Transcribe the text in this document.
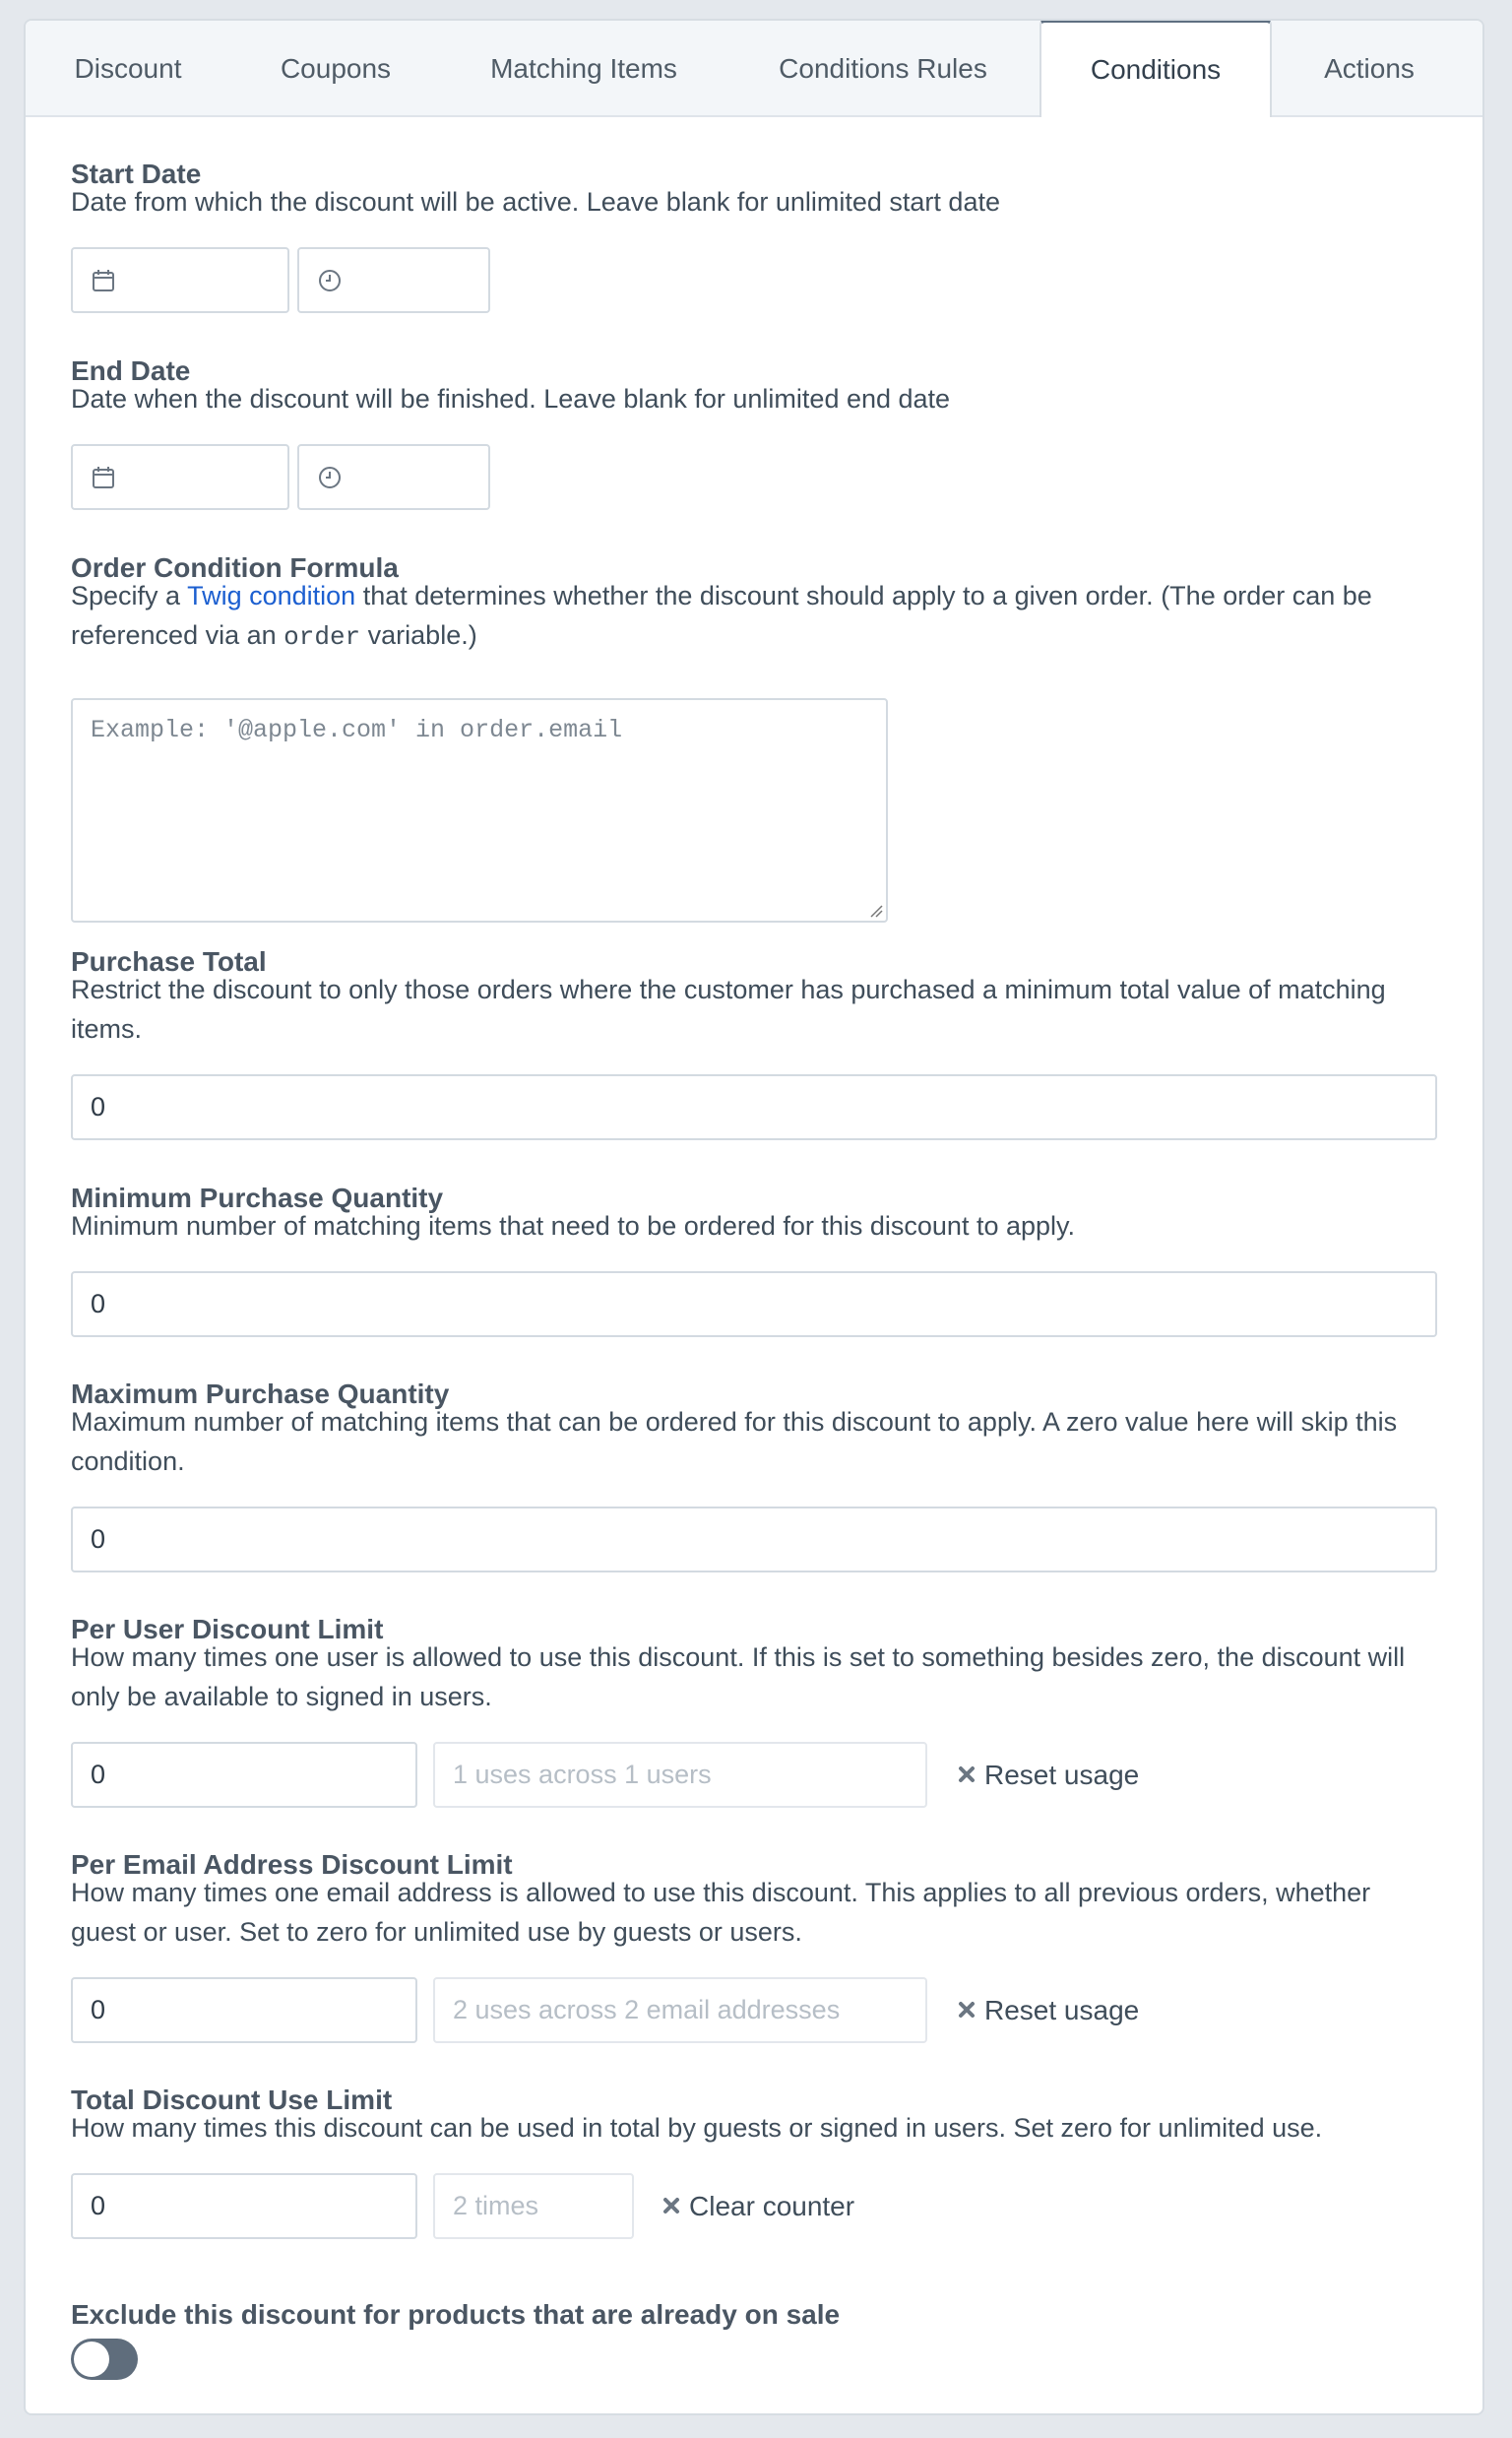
Discount	Coupons	Matching Items	Conditions Rules	Conditions	Actions
Start Date
Date from which the discount will be active. Leave blank for unlimited start date
End Date
Date when the discount will be finished. Leave blank for unlimited end date
Order Condition Formula
Specify a Twig condition that determines whether the discount should apply to a given order. (The order can be referenced via an order variable.)
Example: '@apple.com' in order.email
Purchase Total
Restrict the discount to only those orders where the customer has purchased a minimum total value of matching items.
0
Minimum Purchase Quantity
Minimum number of matching items that need to be ordered for this discount to apply.
0
Maximum Purchase Quantity
Maximum number of matching items that can be ordered for this discount to apply. A zero value here will skip this condition.
0
Per User Discount Limit
How many times one user is allowed to use this discount. If this is set to something besides zero, the discount will only be available to signed in users.
0	1 uses across 1 users	Reset usage
Per Email Address Discount Limit
How many times one email address is allowed to use this discount. This applies to all previous orders, whether guest or user. Set to zero for unlimited use by guests or users.
0	2 uses across 2 email addresses	Reset usage
Total Discount Use Limit
How many times this discount can be used in total by guests or signed in users. Set zero for unlimited use.
0	2 times	Clear counter
Exclude this discount for products that are already on sale
